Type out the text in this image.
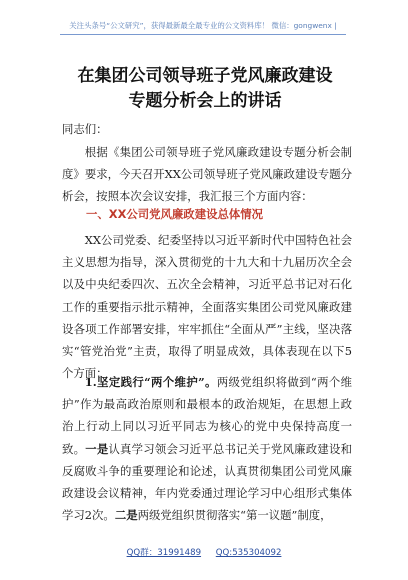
关注头条号“公文研究”，获得最新最全最专业的公文资料库！ 微信：gongwenx |
在集团公司领导班子党风廉政建设专题分析会上的讲话
同志们：
根据《集团公司领导班子党风廉政建设专题分析会制度》要求，今天召开XX公司领导班子党风廉政建设专题分析会，按照本次会议安排，我汇报三个方面内容：
一、XX公司党风廉政建设总体情况
XX公司党委、纪委坚持以习近平新时代中国特色社会主义思想为指导，深入贯彻党的十九大和十九届历次全会以及中央纪委四次、五次全会精神，习近平总书记对石化工作的重要指示批示精神，全面落实集团公司党风廉政建设各项工作部署安排，牢牢抓住“全面从严”主线，坚决落实“管党治党”主责，取得了明显成效，具体表现在以下5个方面：
1.坚定践行“两个维护”。两级党组织将做到“两个维护”作为最高政治原则和最根本的政治规矩，在思想上政治上行动上同以习近平同志为核心的党中央保持高度一致。一是认真学习领会习近平总书记关于党风廉政建设和反腐败斗争的重要理论和论述，认真贯彻集团公司党风廉政建设会议精神，年内党委通过理论学习中心组形式集体学习2次。二是两级党组织贯彻落实“第一议题”制度，
QQ群：31991489 QQ:535304092
